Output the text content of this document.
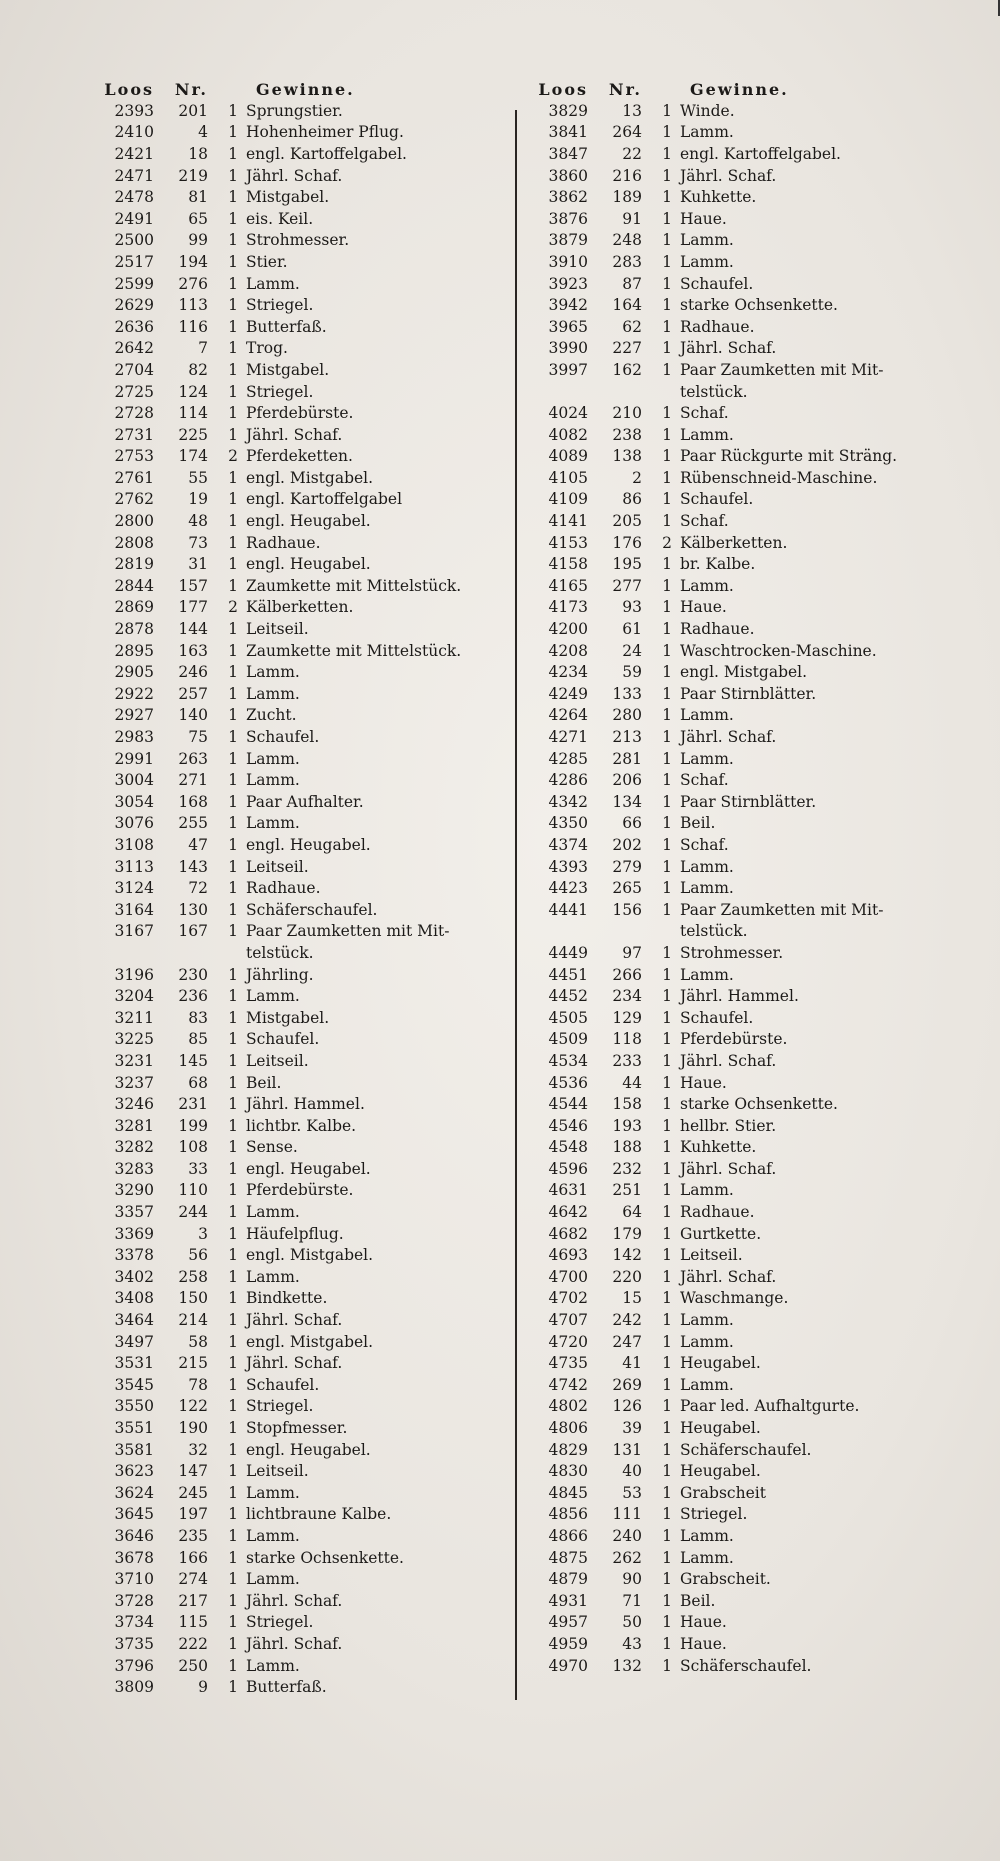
Loos	Nr.	Gewinne.
2393	201	1 Sprungstier.
2410	4	1 Hohenheimer Pflug.
2421	18	1 engl. Kartoffelgabel.
2471	219	1 Jährl. Schaf.
2478	81	1 Mistgabel.
2491	65	1 eis. Keil.
2500	99	1 Strohmesser.
2517	194	1 Stier.
2599	276	1 Lamm.
2629	113	1 Striegel.
2636	116	1 Butterfaß.
2642	7	1 Trog.
2704	82	1 Mistgabel.
2725	124	1 Striegel.
2728	114	1 Pferdebürste.
2731	225	1 Jährl. Schaf.
2753	174	2 Pferdeketten.
2761	55	1 engl. Mistgabel.
2762	19	1 engl. Kartoffelgabel
2800	48	1 engl. Heugabel.
2808	73	1 Radhaue.
2819	31	1 engl. Heugabel.
2844	157	1 Zaumkette mit Mittelstück.
2869	177	2 Kälberketten.
2878	144	1 Leitseil.
2895	163	1 Zaumkette mit Mittelstück.
2905	246	1 Lamm.
2922	257	1 Lamm.
2927	140	1 Zucht.
2983	75	1 Schaufel.
2991	263	1 Lamm.
3004	271	1 Lamm.
3054	168	1 Paar Aufhalter.
3076	255	1 Lamm.
3108	47	1 engl. Heugabel.
3113	143	1 Leitseil.
3124	72	1 Radhaue.
3164	130	1 Schäferschaufel.
3167	167	1 Paar Zaumketten mit Mit-
telstück.
3196	230	1 Jährling.
3204	236	1 Lamm.
3211	83	1 Mistgabel.
3225	85	1 Schaufel.
3231	145	1 Leitseil.
3237	68	1 Beil.
3246	231	1 Jährl. Hammel.
3281	199	1 lichtbr. Kalbe.
3282	108	1 Sense.
3283	33	1 engl. Heugabel.
3290	110	1 Pferdebürste.
3357	244	1 Lamm.
3369	3	1 Häufelpflug.
3378	56	1 engl. Mistgabel.
3402	258	1 Lamm.
3408	150	1 Bindkette.
3464	214	1 Jährl. Schaf.
3497	58	1 engl. Mistgabel.
3531	215	1 Jährl. Schaf.
3545	78	1 Schaufel.
3550	122	1 Striegel.
3551	190	1 Stopfmesser.
3581	32	1 engl. Heugabel.
3623	147	1 Leitseil.
3624	245	1 Lamm.
3645	197	1 lichtbraune Kalbe.
3646	235	1 Lamm.
3678	166	1 starke Ochsenkette.
3710	274	1 Lamm.
3728	217	1 Jährl. Schaf.
3734	115	1 Striegel.
3735	222	1 Jährl. Schaf.
3796	250	1 Lamm.
3809	9	1 Butterfaß.
Loos	Nr.	Gewinne.
3829	13	1 Winde.
3841	264	1 Lamm.
3847	22	1 engl. Kartoffelgabel.
3860	216	1 Jährl. Schaf.
3862	189	1 Kuhkette.
3876	91	1 Haue.
3879	248	1 Lamm.
3910	283	1 Lamm.
3923	87	1 Schaufel.
3942	164	1 starke Ochsenkette.
3965	62	1 Radhaue.
3990	227	1 Jährl. Schaf.
3997	162	1 Paar Zaumketten mit Mit-
telstück.
4024	210	1 Schaf.
4082	238	1 Lamm.
4089	138	1 Paar Rückgurte mit Sträng.
4105	2	1 Rübenschneid-Maschine.
4109	86	1 Schaufel.
4141	205	1 Schaf.
4153	176	2 Kälberketten.
4158	195	1 br. Kalbe.
4165	277	1 Lamm.
4173	93	1 Haue.
4200	61	1 Radhaue.
4208	24	1 Waschtrocken-Maschine.
4234	59	1 engl. Mistgabel.
4249	133	1 Paar Stirnblätter.
4264	280	1 Lamm.
4271	213	1 Jährl. Schaf.
4285	281	1 Lamm.
4286	206	1 Schaf.
4342	134	1 Paar Stirnblätter.
4350	66	1 Beil.
4374	202	1 Schaf.
4393	279	1 Lamm.
4423	265	1 Lamm.
4441	156	1 Paar Zaumketten mit Mit-
telstück.
4449	97	1 Strohmesser.
4451	266	1 Lamm.
4452	234	1 Jährl. Hammel.
4505	129	1 Schaufel.
4509	118	1 Pferdebürste.
4534	233	1 Jährl. Schaf.
4536	44	1 Haue.
4544	158	1 starke Ochsenkette.
4546	193	1 hellbr. Stier.
4548	188	1 Kuhkette.
4596	232	1 Jährl. Schaf.
4631	251	1 Lamm.
4642	64	1 Radhaue.
4682	179	1 Gurtkette.
4693	142	1 Leitseil.
4700	220	1 Jährl. Schaf.
4702	15	1 Waschmange.
4707	242	1 Lamm.
4720	247	1 Lamm.
4735	41	1 Heugabel.
4742	269	1 Lamm.
4802	126	1 Paar led. Aufhaltgurte.
4806	39	1 Heugabel.
4829	131	1 Schäferschaufel.
4830	40	1 Heugabel.
4845	53	1 Grabscheit
4856	111	1 Striegel.
4866	240	1 Lamm.
4875	262	1 Lamm.
4879	90	1 Grabscheit.
4931	71	1 Beil.
4957	50	1 Haue.
4959	43	1 Haue.
4970	132	1 Schäferschaufel.
